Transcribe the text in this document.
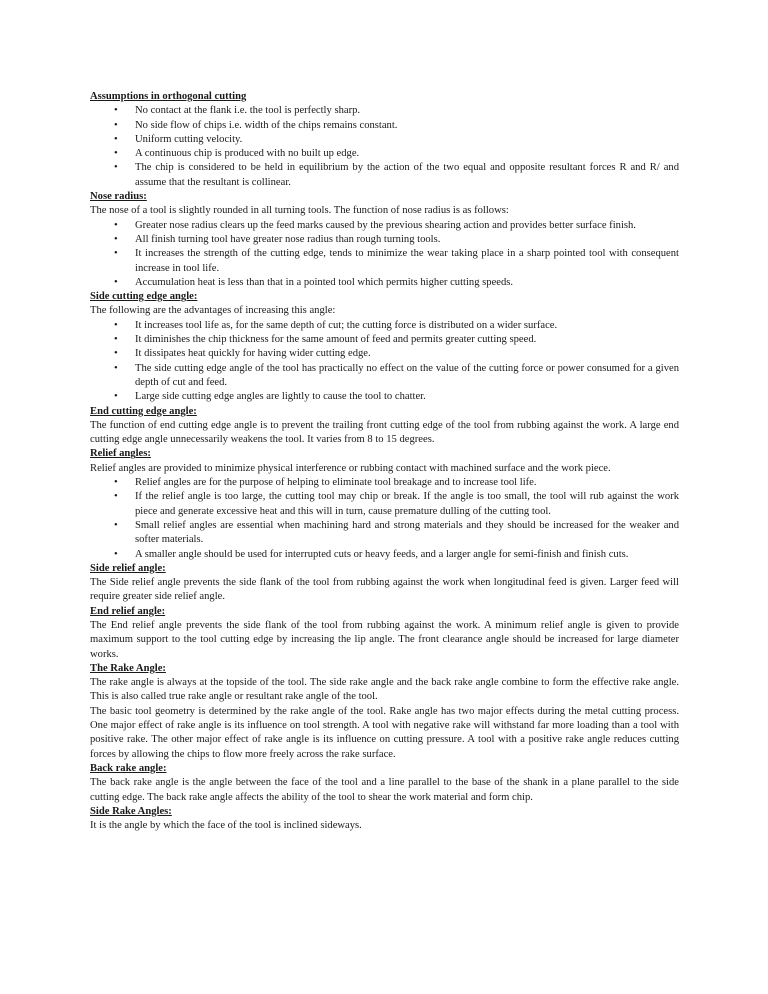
Assumptions in orthogonal cutting

• No contact at the flank i.e. the tool is perfectly sharp.
• No side flow of chips i.e. width of the chips remains constant.
• Uniform cutting velocity.
• A continuous chip is produced with no built up edge.
• The chip is considered to be held in equilibrium by the action of the two equal and opposite resultant forces R and R/ and assume that the resultant is collinear.

Nose radius:

The nose of a tool is slightly rounded in all turning tools. The function of nose radius is as follows:

• Greater nose radius clears up the feed marks caused by the previous shearing action and provides better surface finish.
• All finish turning tool have greater nose radius than rough turning tools.
• It increases the strength of the cutting edge, tends to minimize the wear taking place in a sharp pointed tool with consequent increase in tool life.
• Accumulation heat is less than that in a pointed tool which permits higher cutting speeds.

Side cutting edge angle:

The following are the advantages of increasing this angle:

• It increases tool life as, for the same depth of cut; the cutting force is distributed on a wider surface.
• It diminishes the chip thickness for the same amount of feed and permits greater cutting speed.
• It dissipates heat quickly for having wider cutting edge.
• The side cutting edge angle of the tool has practically no effect on the value of the cutting force or power consumed for a given depth of cut and feed.
• Large side cutting edge angles are lightly to cause the tool to chatter.

End cutting edge angle:

The function of end cutting edge angle is to prevent the trailing front cutting edge of the tool from rubbing against the work. A large end cutting edge angle unnecessarily weakens the tool. It varies from 8 to 15 degrees.

Relief angles:

Relief angles are provided to minimize physical interference or rubbing contact with machined surface and the work piece.

• Relief angles are for the purpose of helping to eliminate tool breakage and to increase tool life.
• If the relief angle is too large, the cutting tool may chip or break. If the angle is too small, the tool will rub against the work piece and generate excessive heat and this will in turn, cause premature dulling of the cutting tool.
• Small relief angles are essential when machining hard and strong materials and they should be increased for the weaker and softer materials.
• A smaller angle should be used for interrupted cuts or heavy feeds, and a larger angle for semi-finish and finish cuts.

Side relief angle:

The Side relief angle prevents the side flank of the tool from rubbing against the work when longitudinal feed is given. Larger feed will require greater side relief angle.

End relief angle:

The End relief angle prevents the side flank of the tool from rubbing against the work. A minimum relief angle is given to provide maximum support to the tool cutting edge by increasing the lip angle. The front clearance angle should be increased for large diameter works.

The Rake Angle:

The rake angle is always at the topside of the tool. The side rake angle and the back rake angle combine to form the effective rake angle. This is also called true rake angle or resultant rake angle of the tool.

The basic tool geometry is determined by the rake angle of the tool. Rake angle has two major effects during the metal cutting process. One major effect of rake angle is its influence on tool strength. A tool with negative rake will withstand far more loading than a tool with positive rake. The other major effect of rake angle is its influence on cutting pressure. A tool with a positive rake angle reduces cutting forces by allowing the chips to flow more freely across the rake surface.

Back rake angle:

The back rake angle is the angle between the face of the tool and a line parallel to the base of the shank in a plane parallel to the side cutting edge. The back rake angle affects the ability of the tool to shear the work material and form chip.

Side Rake Angles:

It is the angle by which the face of the tool is inclined sideways.
